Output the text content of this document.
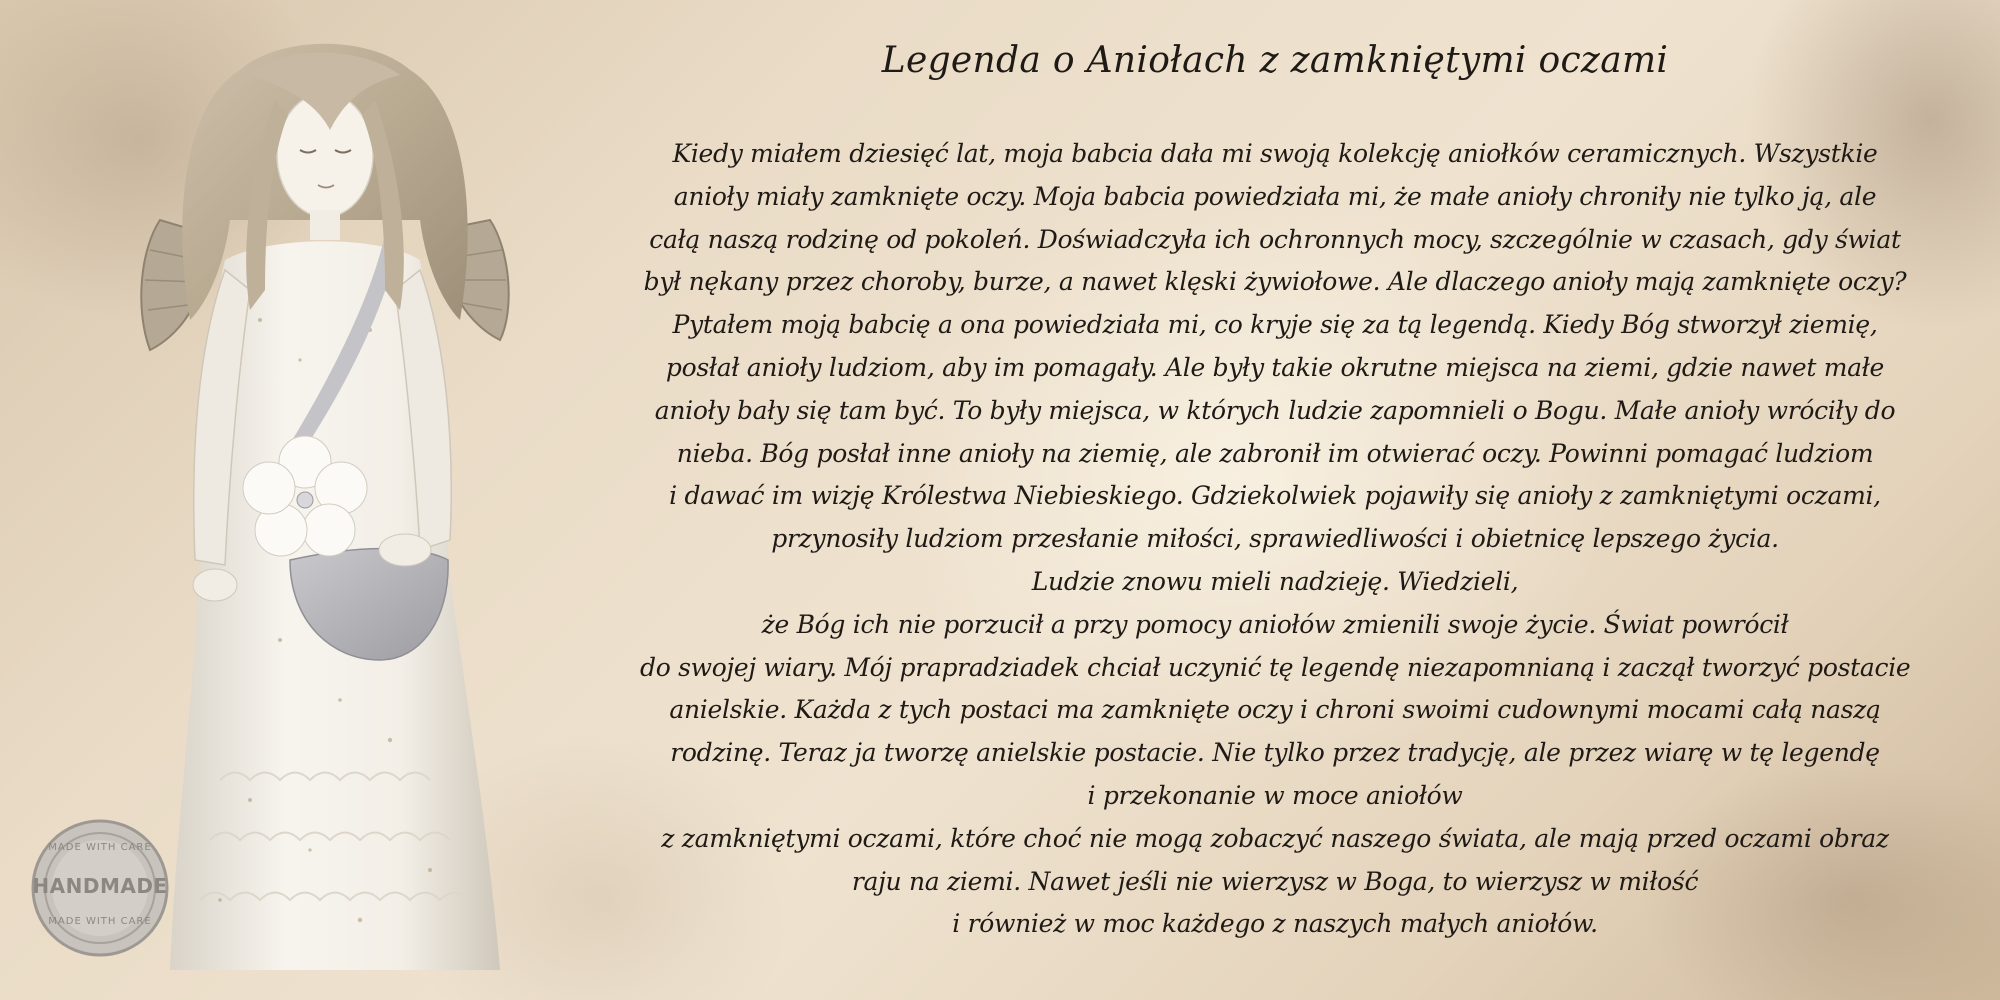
MADE WITH CARE
HANDMADE
MADE WITH CARE
Legenda o Aniołach z zamkniętymi oczami
Kiedy miałem dziesięć lat, moja babcia dała mi swoją kolekcję aniołków ceramicznych. Wszystkie
anioły miały zamknięte oczy. Moja babcia powiedziała mi, że małe anioły chroniły nie tylko ją, ale
całą naszą rodzinę od pokoleń. Doświadczyła ich ochronnych mocy, szczególnie w czasach, gdy świat
był nękany przez choroby, burze, a nawet klęski żywiołowe. Ale dlaczego anioły mają zamknięte oczy?
Pytałem moją babcię a ona powiedziała mi, co kryje się za tą legendą. Kiedy Bóg stworzył ziemię,
posłał anioły ludziom, aby im pomagały. Ale były takie okrutne miejsca na ziemi, gdzie nawet małe
anioły bały się tam być. To były miejsca, w których ludzie zapomnieli o Bogu. Małe anioły wróciły do
nieba. Bóg posłał inne anioły na ziemię, ale zabronił im otwierać oczy. Powinni pomagać ludziom
i dawać im wizję Królestwa Niebieskiego. Gdziekolwiek pojawiły się anioły z zamkniętymi oczami,
przynosiły ludziom przesłanie miłości, sprawiedliwości i obietnicę lepszego życia.
Ludzie znowu mieli nadzieję. Wiedzieli,
że Bóg ich nie porzucił a przy pomocy aniołów zmienili swoje życie. Świat powrócił
do swojej wiary. Mój prapradziadek chciał uczynić tę legendę niezapomnianą i zaczął tworzyć postacie
anielskie. Każda z tych postaci ma zamknięte oczy i chroni swoimi cudownymi mocami całą naszą
rodzinę. Teraz ja tworzę anielskie postacie. Nie tylko przez tradycję, ale przez wiarę w tę legendę
i przekonanie w moce aniołów
z zamkniętymi oczami, które choć nie mogą zobaczyć naszego świata, ale mają przed oczami obraz
raju na ziemi. Nawet jeśli nie wierzysz w Boga, to wierzysz w miłość
i również w moc każdego z naszych małych aniołów.
